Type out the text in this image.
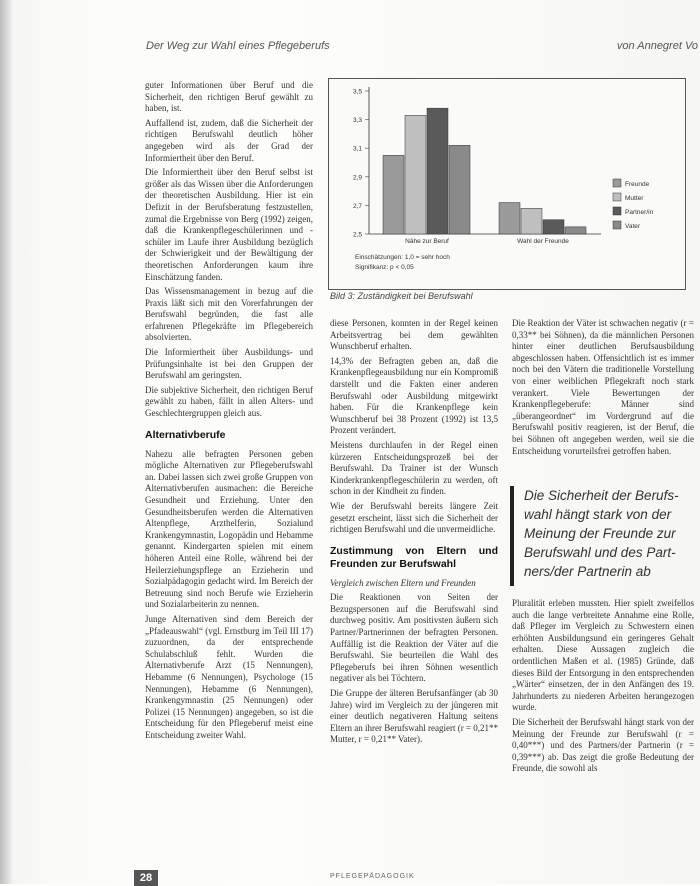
Der Weg zur Wahl eines Pflegeberufs	von Annegret Vo

guter Informationen über Beruf und die Sicherheit, den richtigen Beruf gewählt zu haben, ist.

Auffallend ist, zudem, daß die Sicherheit der richtigen Berufswahl deutlich höher angegeben wird als der Grad der Informiertheit über den Beruf.

Die Informiertheit über den Beruf selbst ist größer als das Wissen über die Anforderungen der theoretischen Ausbildung. Hier ist ein Defizit in der Berufsberatung festzustellen, zumal die Ergebnisse von Berg (1992) zeigen, daß die Krankenpflegeschülerinnen und -schüler im Laufe ihrer Ausbildung bezüglich der Schwierigkeit und der Bewältigung der theoretischen Anforderungen kaum ihre Einschätzung fanden.

Das Wissensmanagement in bezug auf die Praxis läßt sich mit den Vorerfahrungen der Berufswahl begründen, die fast alle erfahrenen Pflegekräfte im Pflegebereich absolvierten.

Die Informiertheit über Ausbildungs- und Prüfungsinhalte ist bei den Gruppen der Berufswahl am geringsten.

Die subjektive Sicherheit, den richtigen Beruf gewählt zu haben, fällt in allen Alters- und Geschlechtergruppen gleich aus.

Alternativberufe

Nahezu alle befragten Personen geben mögliche Alternativen zur Pflegeberufswahl an. Dabei lassen sich zwei große Gruppen von Alternativberufen ausmachen: die Bereiche Gesundheit und Erziehung. Unter den Gesundheitsberufen werden die Alternativen Altenpflege, Arzthelferin, Sozialund Krankengymnastin, Logopädin und Hebamme genannt. Kindergarten spielen mit einem höheren Anteil eine Rolle, während bei der Heilerziehungspflege an Erzieherin und Sozialpädagogin gedacht wird. Im Bereich der Betreuung sind noch Berufe wie Erzieherin und Sozialarbeiterin zu nennen.

Junge Alternativen sind dem Bereich der „Pfadeauswahl“ (vgl. Ernstburg im Teil III 17) zuzuordnen, da der entsprechende Schulabschluß fehlt. Wurden die Alternativberufe Arzt (15 Nennungen), Hebamme (6 Nennungen), Psychologe (15 Nennungen), Hebamme (6 Nennungen), Krankengymnastin (25 Nennungen) oder Polizei (15 Nennungen) angegeben, so ist die Entscheidung für den Pflegeberuf meist eine Entscheidung zweiter Wahl.

3,5
3,3
3,1
2,9
2,7
2,5
Nähe zur Beruf	Wahl der Freunde
Freunde
Mutter
Partner/in
Vater
Einschätzungen: 1,0 = sehr hoch
Signifikanz: p < 0,05
Bild 3: Zuständigkeit bei Berufswahl

diese Personen, konnten in der Regel keinen Arbeitsvertrag bei dem gewählten Wunschberuf erhalten.

14,3% der Befragten geben an, daß die Krankenpflegeausbildung nur ein Kompromiß darstellt und die Fakten einer anderen Berufswahl oder Ausbildung mitgewirkt haben. Für die Krankenpflege kein Wunschberuf bei 38 Prozent (1992) ist 13,5 Prozent verändert.

Meistens durchlaufen in der Regel einen kürzeren Entscheidungsprozeß bei der Berufswahl. Da Trainer ist der Wunsch Kinderkrankenpflegeschülerin zu werden, oft schon in der Kindheit zu finden.

Wie der Berufswahl bereits längere Zeit gesetzt erscheint, lässt sich die Sicherheit der richtigen Berufswahl und die unvermeidliche.

Zustimmung von Eltern und Freunden zur Berufswahl

Vergleich zwischen Eltern und Freunden

Die Reaktionen von Seiten der Bezugspersonen auf die Berufswahl sind durchweg positiv. Am positivsten äußern sich Partner/Partnerinnen der befragten Personen. Auffällig ist die Reaktion der Väter auf die Berufswahl. Sie beurteilen die Wahl des Pflegeberufs bei ihren Söhnen wesentlich negativer als bei Töchtern.

Die Gruppe der älteren Berufsanfänger (ab 30 Jahre) wird im Vergleich zu der jüngeren mit einer deutlich negativeren Haltung seitens Eltern an ihrer Berufswahl reagiert (r = 0,21** Mutter, r = 0,21** Vater).

Die Reaktion der Väter ist schwachen negativ (r = 0,33** bei Söhnen), da die männlichen Personen hinter einer deutlichen Berufsausbildung abgeschlossen haben. Offensichtlich ist es immer noch bei den Vätern die traditionelle Vorstellung von einer weiblichen Pflegekraft noch stark verankert. Viele Bewertungen der Krankenpflegeberufe: Männer sind „überangeordnet“ im Vordergrund auf die Berufswahl positiv reagieren, ist der Beruf, die bei Söhnen oft angegeben werden, weil sie die Entscheidung vorurteilsfrei getroffen haben.

Die Sicherheit der Berufs-
wahl hängt stark von der
Meinung der Freunde zur
Berufswahl und des Part-
ners/der Partnerin ab

Pluralität erleben mussten. Hier spielt zweifellos auch die lange verbreitete Annahme eine Rolle, daß Pfleger im Vergleich zu Schwestern einen erhöhten Ausbildungsund ein geringeres Gehalt erhalten. Diese Aussagen zugleich die ordentlichen Maßen et al. (1985) Gründe, daß dieses Bild der Entsorgung in den entsprechenden „Wärter“ einsetzen, der in den Anfängen des 19. Jahrhunderts zu niederen Arbeiten herangezogen wurde.

Die Sicherheit der Berufswahl hängt stark von der Meinung der Freunde zur Berufswahl (r = 0,40***) und des Partners/der Partnerin (r = 0,39***) ab. Das zeigt die große Bedeutung der Freunde, die sowohl als

28	PFLEGEPÄDAGOGIK
